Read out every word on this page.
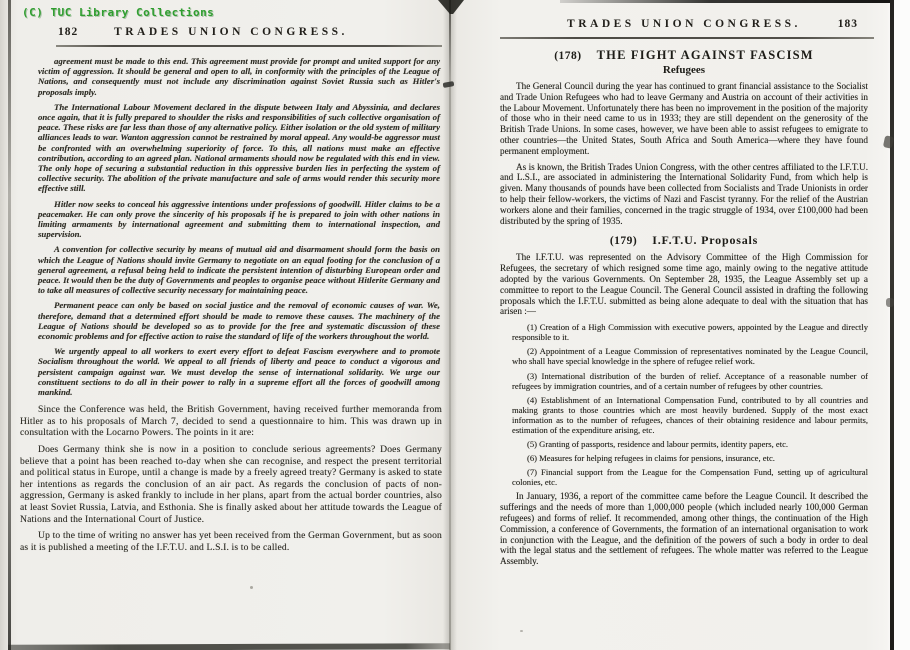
182	TRADES UNION CONGRESS.

agreement must be made to this end. This agreement must provide for prompt and united support for any victim of aggression. It should be general and open to all, in conformity with the principles of the League of Nations, and consequently must not include any discrimination against Soviet Russia such as Hitler's proposals imply.

The International Labour Movement declared in the dispute between Italy and Abyssinia, and declares once again, that it is fully prepared to shoulder the risks and responsibilities of such collective organisation of peace. These risks are far less than those of any alternative policy. Either isolation or the old system of military alliances leads to war. Wanton aggression cannot be restrained by moral appeal. Any would-be aggressor must be confronted with an overwhelming superiority of force. To this, all nations must make an effective contribution, according to an agreed plan. National armaments should now be regulated with this end in view. The only hope of securing a substantial reduction in this oppressive burden lies in perfecting the system of collective security. The abolition of the private manufacture and sale of arms would render this security more effective still.

Hitler now seeks to conceal his aggressive intentions under professions of goodwill. Hitler claims to be a peacemaker. He can only prove the sincerity of his proposals if he is prepared to join with other nations in limiting armaments by international agreement and submitting them to international inspection, and supervision.

A convention for collective security by means of mutual aid and disarmament should form the basis on which the League of Nations should invite Germany to negotiate on an equal footing for the conclusion of a general agreement, a refusal being held to indicate the persistent intention of disturbing European order and peace. It would then be the duty of Governments and peoples to organise peace without Hitlerite Germany and to take all measures of collective security necessary for maintaining peace.

Permanent peace can only be based on social justice and the removal of economic causes of war. We, therefore, demand that a determined effort should be made to remove these causes. The machinery of the League of Nations should be developed so as to provide for the free and systematic discussion of these economic problems and for effective action to raise the standard of life of the workers throughout the world.

We urgently appeal to all workers to exert every effort to defeat Fascism everywhere and to promote Socialism throughout the world. We appeal to all friends of liberty and peace to conduct a vigorous and persistent campaign against war. We must develop the sense of international solidarity. We urge our constituent sections to do all in their power to rally in a supreme effort all the forces of goodwill among mankind.

Since the Conference was held, the British Government, having received further memoranda from Hitler as to his proposals of March 7, decided to send a questionnaire to him. This was drawn up in consultation with the Locarno Powers. The points in it are:

Does Germany think she is now in a position to conclude serious agreements? Does Germany believe that a point has been reached to-day when she can recognise, and respect the present territorial and political status in Europe, until a change is made by a freely agreed treaty? Germany is asked to state her intentions as regards the conclusion of an air pact. As regards the conclusion of pacts of non-aggression, Germany is asked frankly to include in her plans, apart from the actual border countries, also at least Soviet Russia, Latvia, and Esthonia. She is finally asked about her attitude towards the League of Nations and the International Court of Justice.

Up to the time of writing no answer has yet been received from the German Government, but as soon as it is published a meeting of the I.F.T.U. and L.S.I. is to be called.

TRADES UNION CONGRESS.	183
(178) THE FIGHT AGAINST FASCISM
Refugees

The General Council during the year has continued to grant financial assistance to the Socialist and Trade Union Refugees who had to leave Germany and Austria on account of their activities in the Labour Movement. Unfortunately there has been no improvement in the position of the majority of those who in their need came to us in 1933; they are still dependent on the generosity of the British Trade Unions. In some cases, however, we have been able to assist refugees to emigrate to other countries—the United States, South Africa and South America—where they have found permanent employment.

As is known, the British Trades Union Congress, with the other centres affiliated to the I.F.T.U. and L.S.I., are associated in administering the International Solidarity Fund, from which help is given. Many thousands of pounds have been collected from Socialists and Trade Unionists in order to help their fellow-workers, the victims of Nazi and Fascist tyranny. For the relief of the Austrian workers alone and their families, concerned in the tragic struggle of 1934, over £100,000 had been distributed by the spring of 1935.

(179) I.F.T.U. Proposals

The I.F.T.U. was represented on the Advisory Committee of the High Commission for Refugees, the secretary of which resigned some time ago, mainly owing to the negative attitude adopted by the various Governments. On September 28, 1935, the League Assembly set up a committee to report to the League Council. The General Council assisted in drafting the following proposals which the I.F.T.U. submitted as being alone adequate to deal with the situation that has arisen :—

(1) Creation of a High Commission with executive powers, appointed by the League and directly responsible to it.

(2) Appointment of a League Commission of representatives nominated by the League Council, who shall have special knowledge in the sphere of refugee relief work.

(3) International distribution of the burden of relief. Acceptance of a reasonable number of refugees by immigration countries, and of a certain number of refugees by other countries.

(4) Establishment of an International Compensation Fund, contributed to by all countries and making grants to those countries which are most heavily burdened. Supply of the most exact information as to the number of refugees, chances of their obtaining residence and labour permits, estimation of the expenditure arising, etc.

(5) Granting of passports, residence and labour permits, identity papers, etc.

(6) Measures for helping refugees in claims for pensions, insurance, etc.

(7) Financial support from the League for the Compensation Fund, setting up of agricultural colonies, etc.

In January, 1936, a report of the committee came before the League Council. It described the sufferings and the needs of more than 1,000,000 people (which included nearly 100,000 German refugees) and forms of relief. It recommended, among other things, the continuation of the High Commission, a conference of Governments, the formation of an international organisation to work in conjunction with the League, and the definition of the powers of such a body in order to deal with the legal status and the settlement of refugees. The whole matter was referred to the League Assembly.

(C) TUC Library Collections
